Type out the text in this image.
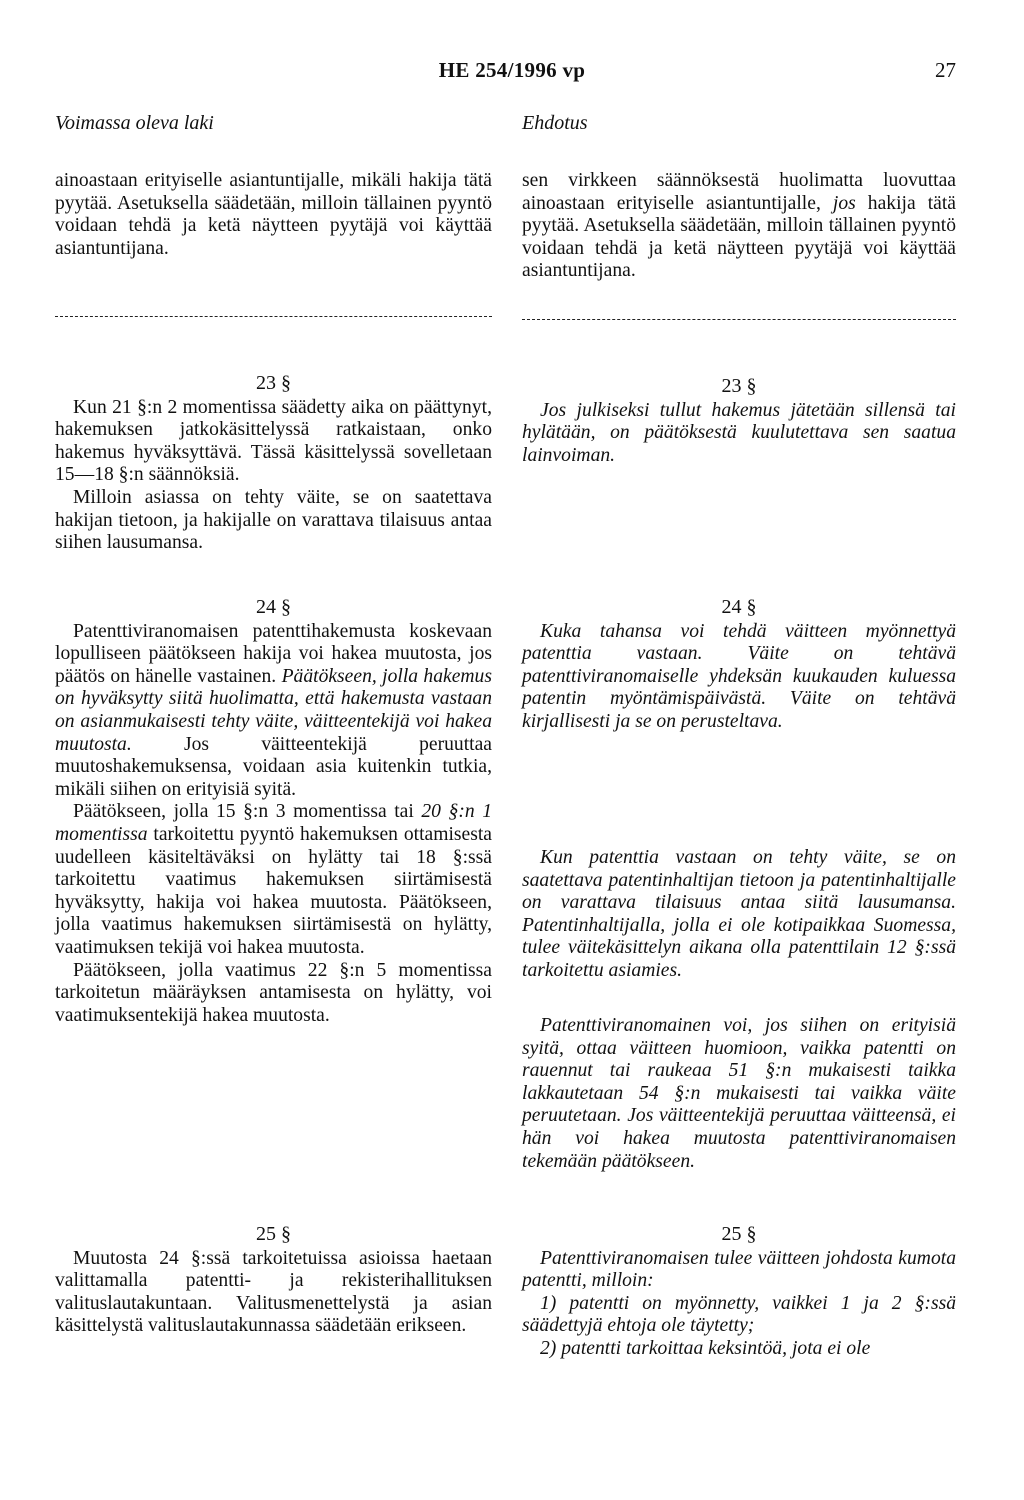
HE 254/1996 vp	27
Voimassa oleva laki	Ehdotus

ainoastaan erityiselle asiantuntijalle, mikäli hakija tätä pyytää. Asetuksella säädetään, milloin tällainen pyyntö voidaan tehdä ja ketä näytteen pyytäjä voi käyttää asiantuntijana.

23 §

Kun 21 §:n 2 momentissa säädetty aika on päättynyt, hakemuksen jatkokäsittelyssä ratkaistaan, onko hakemus hyväksyttävä. Tässä käsittelyssä sovelletaan 15—18 §:n säännöksiä.

Milloin asiassa on tehty väite, se on saatettava hakijan tietoon, ja hakijalle on varattava tilaisuus antaa siihen lausumansa.

24 §

Patenttiviranomaisen patenttihakemusta koskevaan lopulliseen päätökseen hakija voi hakea muutosta, jos päätös on hänelle vastainen. Päätökseen, jolla hakemus on hyväksytty siitä huolimatta, että hakemusta vastaan on asianmukaisesti tehty väite, väitteentekijä voi hakea muutosta. Jos väitteentekijä peruuttaa muutoshakemuksensa, voidaan asia kuitenkin tutkia, mikäli siihen on erityisiä syitä.

Päätökseen, jolla 15 §:n 3 momentissa tai 20 §:n 1 momentissa tarkoitettu pyyntö hakemuksen ottamisesta uudelleen käsiteltäväksi on hylätty tai 18 §:ssä tarkoitettu vaatimus hakemuksen siirtämisestä hyväksytty, hakija voi hakea muutosta. Päätökseen, jolla vaatimus hakemuksen siirtämisestä on hylätty, vaatimuksen tekijä voi hakea muutosta.

Päätökseen, jolla vaatimus 22 §:n 5 momentissa tarkoitetun määräyksen antamisesta on hylätty, voi vaatimuksentekijä hakea muutosta.

25 §

Muutosta 24 §:ssä tarkoitetuissa asioissa haetaan valittamalla patentti- ja rekisterihallituksen valituslautakuntaan. Valitusmenettelystä ja asian käsittelystä valituslautakunnassa säädetään erikseen.

sen virkkeen säännöksestä huolimatta luovuttaa ainoastaan erityiselle asiantuntijalle, jos hakija tätä pyytää. Asetuksella säädetään, milloin tällainen pyyntö voidaan tehdä ja ketä näytteen pyytäjä voi käyttää asiantuntijana.

23 §

Jos julkiseksi tullut hakemus jätetään sillensä tai hylätään, on päätöksestä kuulutettava sen saatua lainvoiman.

24 §

Kuka tahansa voi tehdä väitteen myönnettyä patenttia vastaan. Väite on tehtävä patenttiviranomaiselle yhdeksän kuukauden kuluessa patentin myöntämispäivästä. Väite on tehtävä kirjallisesti ja se on perusteltava.

Kun patenttia vastaan on tehty väite, se on saatettava patentinhaltijan tietoon ja patentinhaltijalle on varattava tilaisuus antaa siitä lausumansa. Patentinhaltijalla, jolla ei ole kotipaikkaa Suomessa, tulee väitekäsittelyn aikana olla patenttilain 12 §:ssä tarkoitettu asiamies.

Patenttiviranomainen voi, jos siihen on erityisiä syitä, ottaa väitteen huomioon, vaikka patentti on rauennut tai raukeaa 51 §:n mukaisesti taikka lakkautetaan 54 §:n mukaisesti tai vaikka väite peruutetaan. Jos väitteentekijä peruuttaa väitteensä, ei hän voi hakea muutosta patenttiviranomaisen tekemään päätökseen.

25 §

Patenttiviranomaisen tulee väitteen johdosta kumota patentti, milloin:

1) patentti on myönnetty, vaikkei 1 ja 2 §:ssä säädettyjä ehtoja ole täytetty;

2) patentti tarkoittaa keksintöä, jota ei ole
